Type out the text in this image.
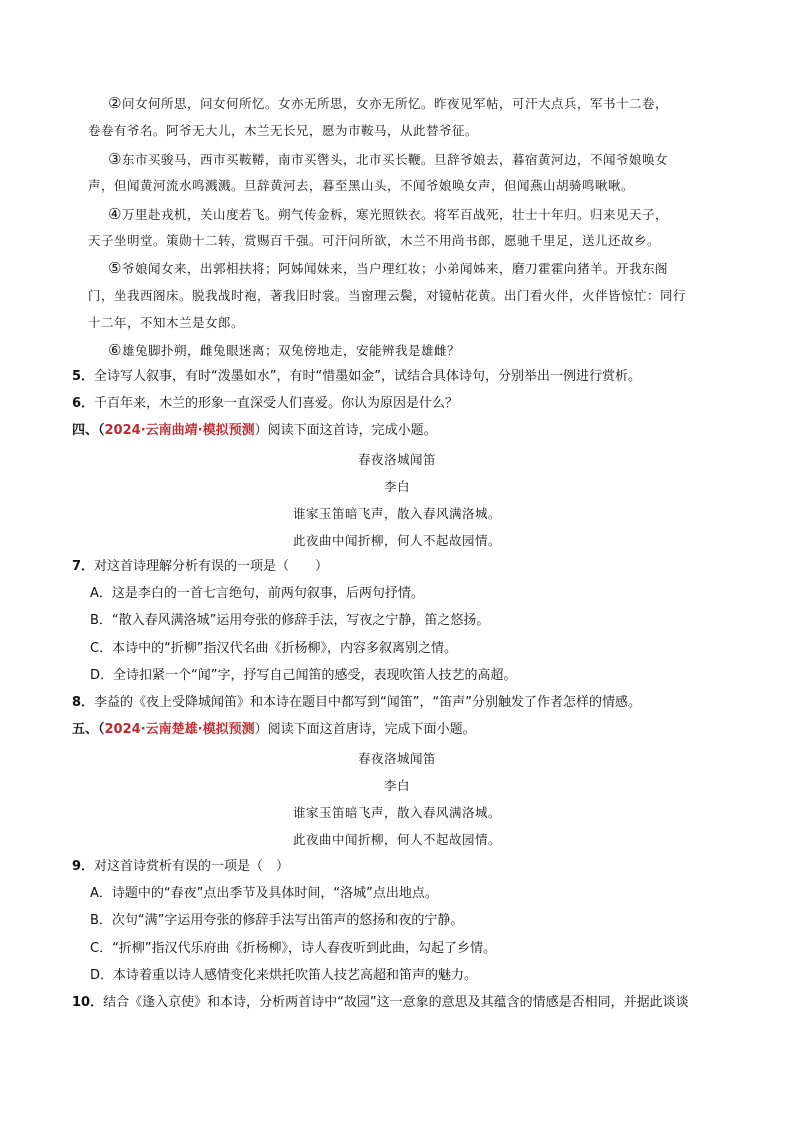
②问女何所思，问女何所忆。女亦无所思，女亦无所忆。昨夜见军帖，可汗大点兵，军书十二卷，
卷卷有爷名。阿爷无大儿，木兰无长兄，愿为市鞍马，从此替爷征。
③东市买骏马，西市买鞍鞯，南市买辔头，北市买长鞭。旦辞爷娘去，暮宿黄河边，不闻爷娘唤女
声，但闻黄河流水鸣溅溅。旦辞黄河去，暮至黑山头，不闻爷娘唤女声，但闻燕山胡骑鸣啾啾。
④万里赴戎机，关山度若飞。朔气传金柝，寒光照铁衣。将军百战死，壮士十年归。归来见天子，
天子坐明堂。策勋十二转，赏赐百千强。可汗问所欲，木兰不用尚书郎，愿驰千里足，送儿还故乡。
⑤爷娘闻女来，出郭相扶将；阿姊闻妹来，当户理红妆；小弟闻姊来，磨刀霍霍向猪羊。开我东阁
门，坐我西阁床。脱我战时袍，著我旧时裳。当窗理云鬓，对镜帖花黄。出门看火伴，火伴皆惊忙：同行
十二年，不知木兰是女郎。
⑥雄兔脚扑朔，雌兔眼迷离；双兔傍地走，安能辨我是雄雌？
5．全诗写人叙事，有时“泼墨如水”，有时“惜墨如金”，试结合具体诗句，分别举出一例进行赏析。
6．千百年来，木兰的形象一直深受人们喜爱。你认为原因是什么？
四、（2024·云南曲靖·模拟预测）阅读下面这首诗，完成小题。
春夜洛城闻笛
李白
谁家玉笛暗飞声，散入春风满洛城。
此夜曲中闻折柳，何人不起故园情。
7．对这首诗理解分析有误的一项是（　　）
A．这是李白的一首七言绝句，前两句叙事，后两句抒情。
B．“散入春风满洛城”运用夸张的修辞手法，写夜之宁静，笛之悠扬。
C．本诗中的“折柳”指汉代名曲《折杨柳》，内容多叙离别之情。
D．全诗扣紧一个“闻”字，抒写自己闻笛的感受，表现吹笛人技艺的高超。
8．李益的《夜上受降城闻笛》和本诗在题目中都写到“闻笛”，“笛声”分别触发了作者怎样的情感。
五、（2024·云南楚雄·模拟预测）阅读下面这首唐诗，完成下面小题。
春夜洛城闻笛
李白
谁家玉笛暗飞声，散入春风满洛城。
此夜曲中闻折柳，何人不起故园情。
9．对这首诗赏析有误的一项是（　）
A．诗题中的“春夜”点出季节及具体时间，“洛城”点出地点。
B．次句“满”字运用夸张的修辞手法写出笛声的悠扬和夜的宁静。
C．“折柳”指汉代乐府曲《折杨柳》，诗人春夜听到此曲，勾起了乡情。
D．本诗着重以诗人感情变化来烘托吹笛人技艺高超和笛声的魅力。
10．结合《逢入京使》和本诗，分析两首诗中“故园”这一意象的意思及其蕴含的情感是否相同，并据此谈谈
